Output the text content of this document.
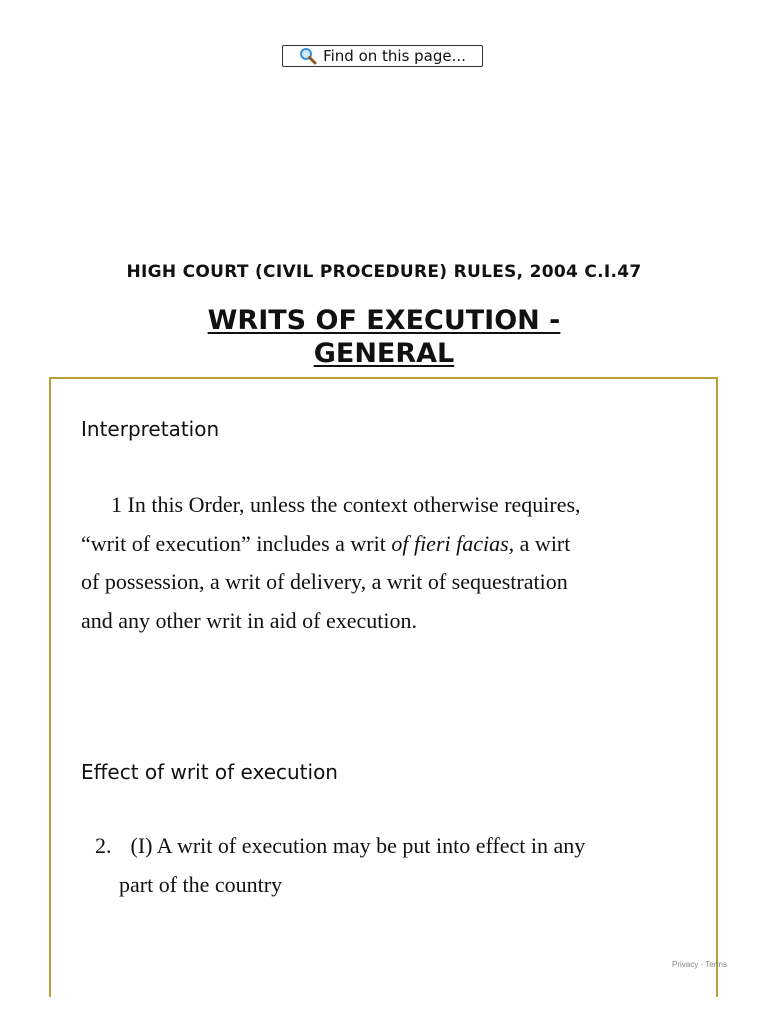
Find on this page...
HIGH COURT (CIVIL PROCEDURE) RULES, 2004 C.I.47
WRITS OF EXECUTION -
GENERAL
Interpretation
1 In this Order, unless the context otherwise requires,
“writ of execution” includes a writ of fieri facias, a wirt
of possession, a writ of delivery, a writ of sequestration
and any other writ in aid of execution.
Effect of writ of execution
2. (I) A writ of execution may be put into effect in any
part of the country
Privacy - Terms
